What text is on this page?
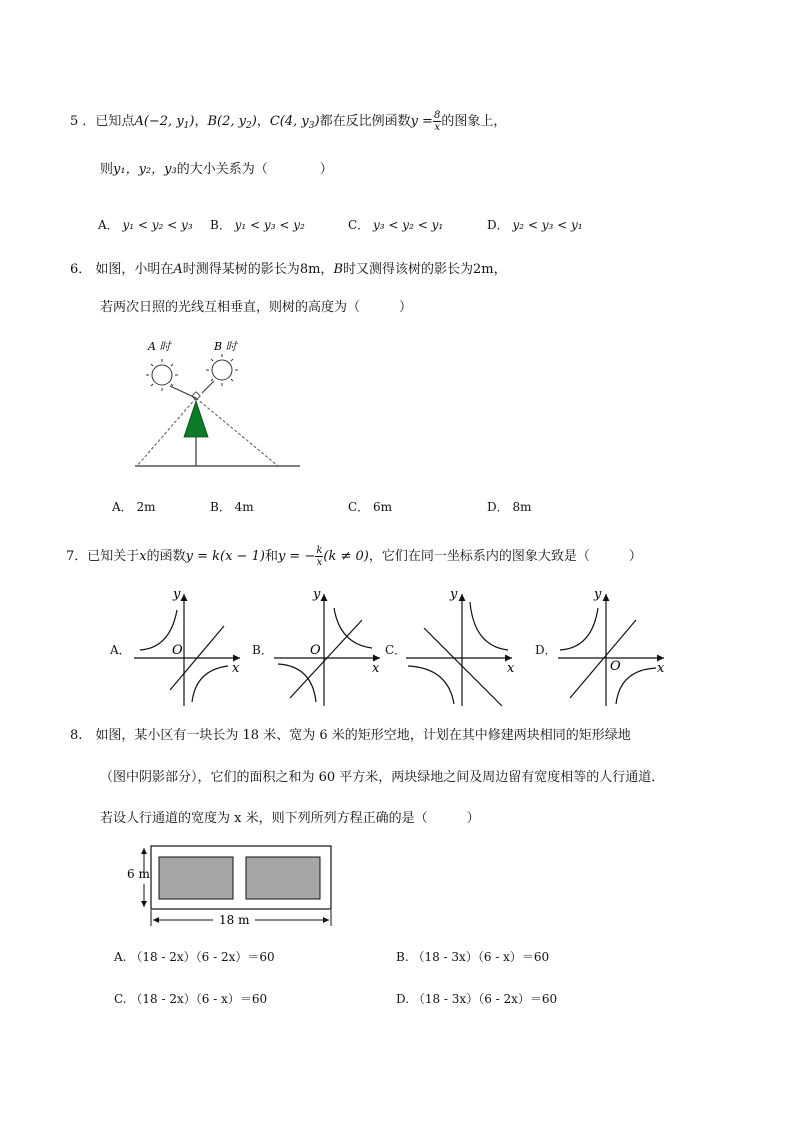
5 ．已知点A(−2, $y_1$)，B(2, $y_2$)，C(4, $y_3$)都在反比例函数$y = \frac{8}{x}$ 的图象上，
则y₁，y₂，y₃的大小关系为（　　　　）
A． y₁ < y₂ < y₃ B． y₁ < y₃ < y₂	C． y₃ < y₂ < y₁	D． y₂ < y₃ < y₁
6． 如图，小明在A时测得某树的影长为8m，B时又测得该树的影长为2m，
若两次日照的光线互相垂直，则树的高度为（　　　）
A 时	B 时
A． 2m	B． 4m	C． 6m	D． 8m
7．已知关于x的函数y = k(x − 1)和y = − $\frac{k}{x} (k \ne 0)$，它们在同一坐标系内的图象大致是（　　　）
A．
y
x
O	B．
y
x
O	C．
y
x
D．
y
x
O
8.　如图，某小区有一块长为 18 米、宽为 6 米的矩形空地，计划在其中修建两块相同的矩形绿地
（图中阴影部分），它们的面积之和为 60 平方米，两块绿地之间及周边留有宽度相等的人行通道．
若设人行通道的宽度为 x 米，则下列所列方程正确的是（　　　）
6 m
18 m
A. （18 - 2x）（6 - 2x）＝60	B. （18 - 3x）（6 - x）＝60
C. （18 - 2x）（6 - x）＝60	D. （18 - 3x）（6 - 2x）＝60
